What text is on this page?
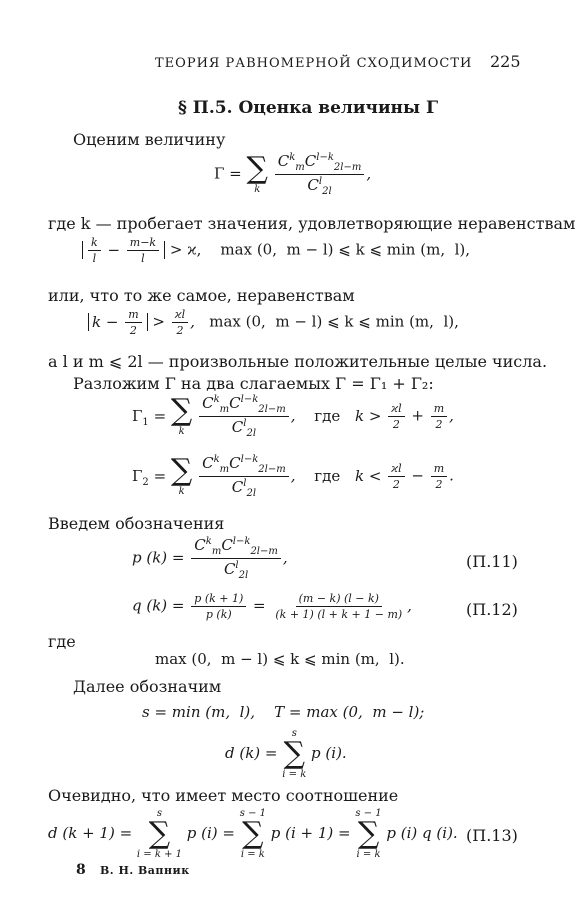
ТЕОРИЯ РАВНОМЕРНОЙ СХОДИМОСТИ 225
§ П.5. Оценка величины Γ
Оценим величину
Γ = ∑
k
$\frac{C^k_mC^{l-k}_{2l-m}}{C^l_{2l}}$ ,
где k — пробегает значения, удовлетворяющие неравенствам
$\frac{k}{l} - \frac{m-k}{l} > ϰ$,    max (0,  m − l) ⩽ k ⩽ min (m,  l),
или, что то же самое, неравенствам
$k - \frac{m}{2} > \frac{ϰl}{2}$ ,   max (0,  m − l) ⩽ k ⩽ min (m,  l),
a l и m ⩽ 2l — произвольные положительные целые числа.
Разложим Γ на два слагаемых Γ = Γ₁ + Γ₂:
$\Gamma_1$ = ∑
k
$\frac{C^k_mC^{l-k}_{2l-m}}{C^l_{2l}}$ , где $k > \frac{ϰl}{2} + \frac{m}{2}$ ,
$\Gamma_2$ = ∑
k
$\frac{C^k_mC^{l-k}_{2l-m}}{C^l_{2l}}$ , где $k < \frac{ϰl}{2} - \frac{m}{2}$ .
Введем обозначения
p $(k) = \frac{C^k_mC^{l-k}_{2l-m}}{C^l_{2l}}$ ,	(П.11)
q $(k) = \frac{p (k + 1)}{p (k)} = \frac{(m - k) (l - k)}{(k + 1) (l + k + 1 - m)}$ ,	(П.12)
где
max (0,  m − l) ⩽ k ⩽ min (m,  l).
Далее обозначим
s = min (m,  l),    T = max (0,  m − l);
d (k) =
s
∑
i = k
p (i).
Очевидно, что имеет место соотношение
d (k + 1) =
s
∑
i = k + 1
p (i) =
s − 1
∑
i = k
p (i + 1) =
s − 1
∑
i = k
p (i) q (i). (П.13)
8 В. Н. Вапник
